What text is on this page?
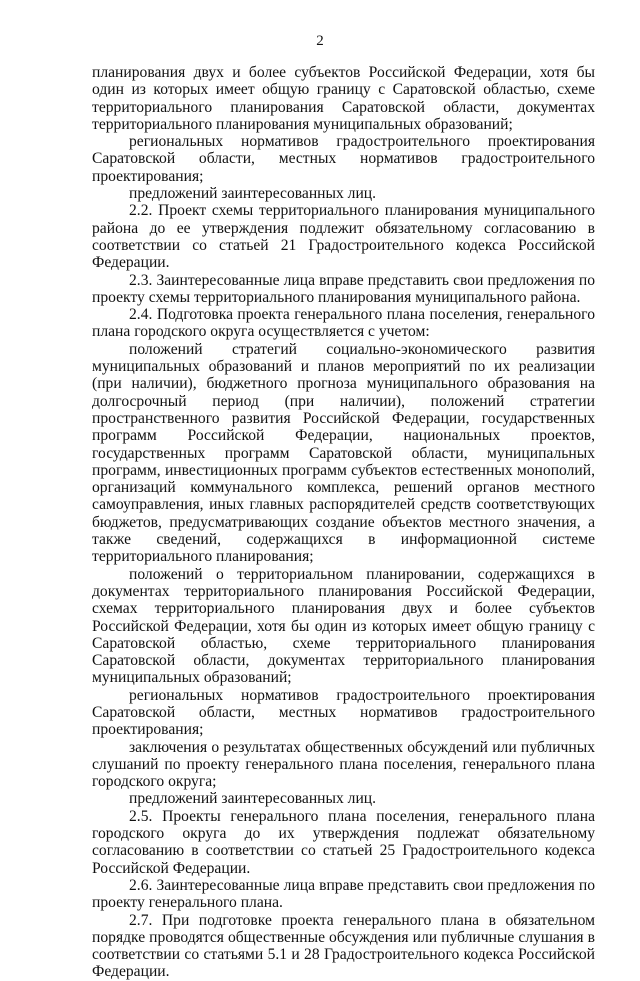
2

планирования двух и более субъектов Российской Федерации, хотя бы один из которых имеет общую границу с Саратовской областью, схеме территориального планирования Саратовской области, документах территориального планирования муниципальных образований;

региональных нормативов градостроительного проектирования Саратовской области, местных нормативов градостроительного проектирования;

предложений заинтересованных лиц.

2.2. Проект схемы территориального планирования муниципального района до ее утверждения подлежит обязательному согласованию в соответствии со статьей 21 Градостроительного кодекса Российской Федерации.

2.3. Заинтересованные лица вправе представить свои предложения по проекту схемы территориального планирования муниципального района.

2.4. Подготовка проекта генерального плана поселения, генерального плана городского округа осуществляется с учетом:

положений стратегий социально-экономического развития муниципальных образований и планов мероприятий по их реализации (при наличии), бюджетного прогноза муниципального образования на долгосрочный период (при наличии), положений стратегии пространственного развития Российской Федерации, государственных программ Российской Федерации, национальных проектов, государственных программ Саратовской области, муниципальных программ, инвестиционных программ субъектов естественных монополий, организаций коммунального комплекса, решений органов местного самоуправления, иных главных распорядителей средств соответствующих бюджетов, предусматривающих создание объектов местного значения, а также сведений, содержащихся в информационной системе территориального планирования;

положений о территориальном планировании, содержащихся в документах территориального планирования Российской Федерации, схемах территориального планирования двух и более субъектов Российской Федерации, хотя бы один из которых имеет общую границу с Саратовской областью, схеме территориального планирования Саратовской области, документах территориального планирования муниципальных образований;

региональных нормативов градостроительного проектирования Саратовской области, местных нормативов градостроительного проектирования;

заключения о результатах общественных обсуждений или публичных слушаний по проекту генерального плана поселения, генерального плана городского округа;

предложений заинтересованных лиц.

2.5. Проекты генерального плана поселения, генерального плана городского округа до их утверждения подлежат обязательному согласованию в соответствии со статьей 25 Градостроительного кодекса Российской Федерации.

2.6. Заинтересованные лица вправе представить свои предложения по проекту генерального плана.

2.7. При подготовке проекта генерального плана в обязательном порядке проводятся общественные обсуждения или публичные слушания в соответствии со статьями 5.1 и 28 Градостроительного кодекса Российской Федерации.
